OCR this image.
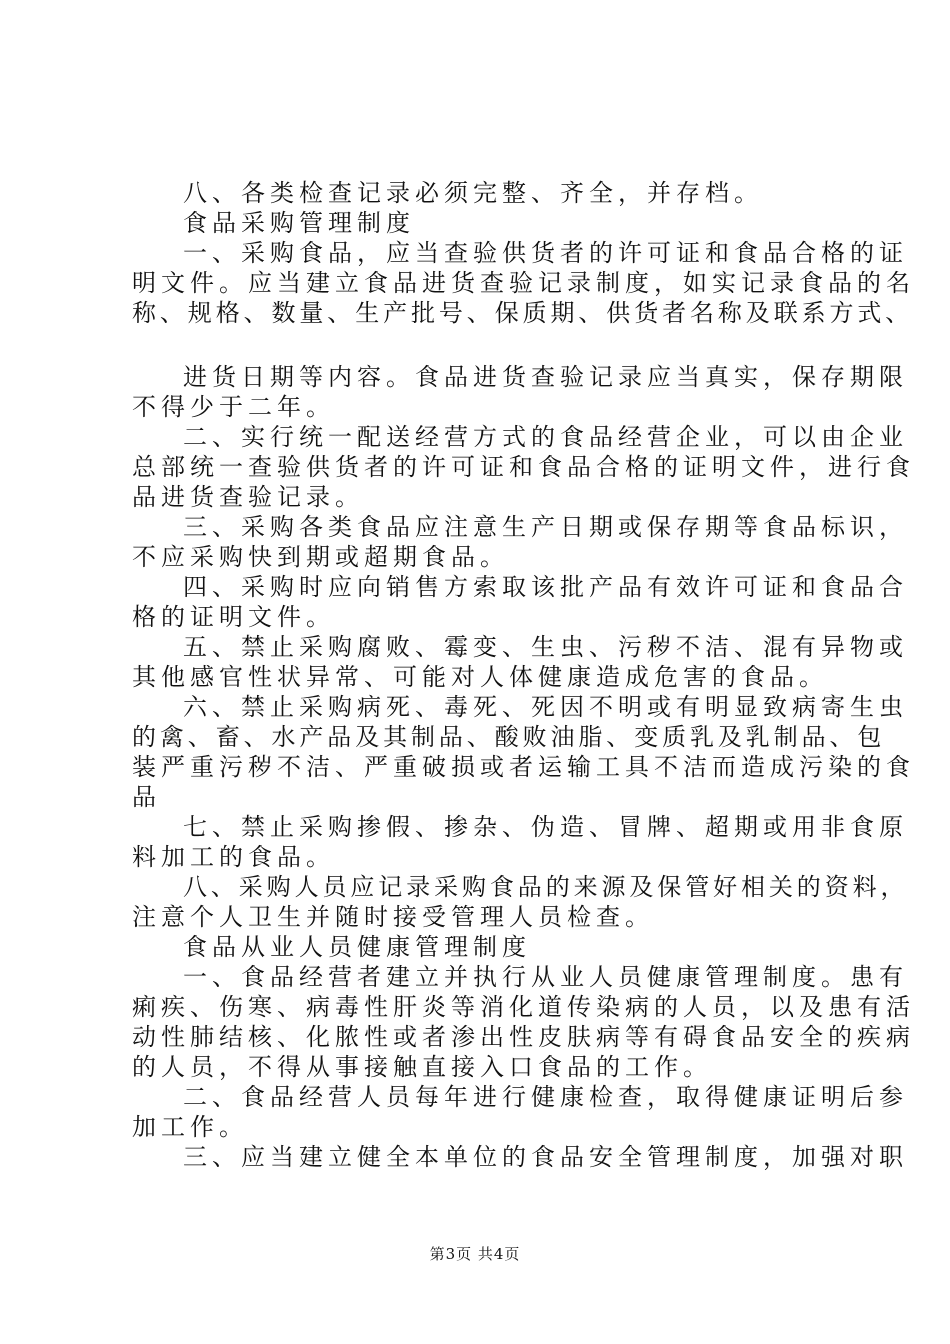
八、各类检查记录必须完整、齐全，并存档。
食品采购管理制度
一、采购食品，应当查验供货者的许可证和食品合格的证
明文件。应当建立食品进货查验记录制度，如实记录食品的名
称、规格、数量、生产批号、保质期、供货者名称及联系方式、
进货日期等内容。食品进货查验记录应当真实，保存期限
不得少于二年。
二、实行统一配送经营方式的食品经营企业，可以由企业
总部统一查验供货者的许可证和食品合格的证明文件，进行食
品进货查验记录。
三、采购各类食品应注意生产日期或保存期等食品标识，
不应采购快到期或超期食品。
四、采购时应向销售方索取该批产品有效许可证和食品合
格的证明文件。
五、禁止采购腐败、霉变、生虫、污秽不洁、混有异物或
其他感官性状异常、可能对人体健康造成危害的食品。
六、禁止采购病死、毒死、死因不明或有明显致病寄生虫
的禽、畜、水产品及其制品、酸败油脂、变质乳及乳制品、包
装严重污秽不洁、严重破损或者运输工具不洁而造成污染的食
品
七、禁止采购掺假、掺杂、伪造、冒牌、超期或用非食原
料加工的食品。
八、采购人员应记录采购食品的来源及保管好相关的资料，
注意个人卫生并随时接受管理人员检查。
食品从业人员健康管理制度
一、食品经营者建立并执行从业人员健康管理制度。患有
痢疾、伤寒、病毒性肝炎等消化道传染病的人员，以及患有活
动性肺结核、化脓性或者渗出性皮肤病等有碍食品安全的疾病
的人员，不得从事接触直接入口食品的工作。
二、食品经营人员每年进行健康检查，取得健康证明后参
加工作。
三、应当建立健全本单位的食品安全管理制度，加强对职
第3页 共4页
